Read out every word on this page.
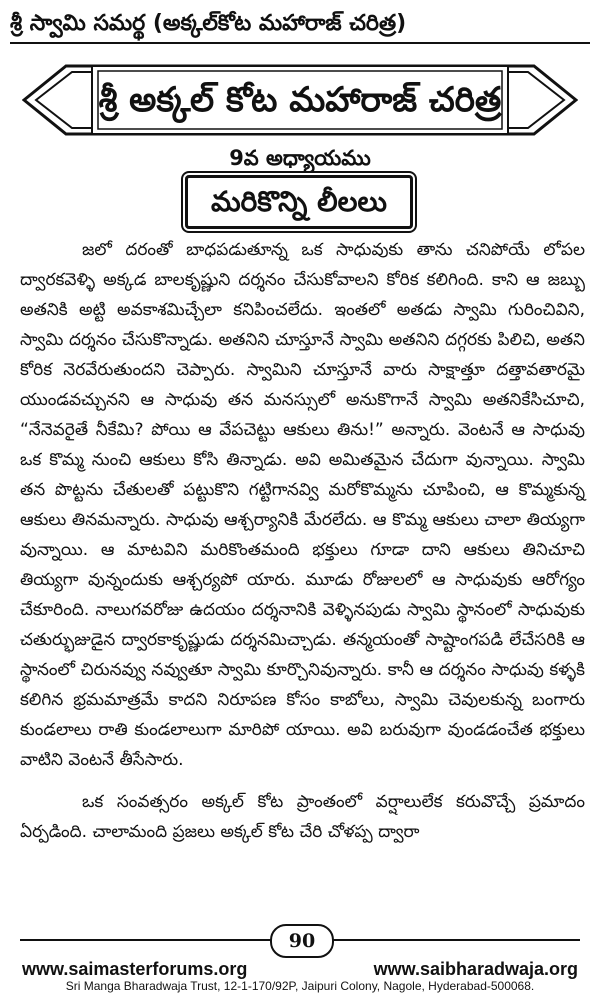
శ్రీ స్వామి సమర్థ (అక్కల్‌కోట మహారాజ్ చరిత్ర)
శ్రీ అక్కల్ కోట మహారాజ్ చరిత్ర
9వ అధ్యాయము
మరికొన్ని లీలలు

జలో దరంతో బాధపడుతూన్న ఒక సాధువుకు తాను చనిపోయే లోపల ద్వారకవెళ్ళి అక్కడ బాలకృష్ణుని దర్శనం చేసుకోవాలని కోరిక కలిగింది. కాని ఆ జబ్బు అతనికి అట్టి అవకాశమిచ్చేలా కనిపించలేదు. ఇంతలో అతడు స్వామి గురించివిని, స్వామి దర్శనం చేసుకొన్నాడు. అతనిని చూస్తూనే స్వామి అతనిని దగ్గరకు పిలిచి, అతని కోరిక నెరవేరుతుందని చెప్పారు. స్వామిని చూస్తూనే వారు సాక్షాత్తూ దత్తావతారమై యుండవచ్చునని ఆ సాధువు తన మనస్సులో అనుకొగానే స్వామి అతనికేసిచూచి, “నేనెవరైతే నీకేమి? పోయి ఆ వేపచెట్టు ఆకులు తిను!” అన్నారు. వెంటనే ఆ సాధువు ఒక కొమ్మ నుంచి ఆకులు కోసి తిన్నాడు. అవి అమితమైన చేదుగా వున్నాయి. స్వామి తన పొట్టను చేతులతో పట్టుకొని గట్టిగానవ్వి మరోకొమ్మను చూపించి, ఆ కొమ్మకున్న ఆకులు తినమన్నారు. సాధువు ఆశ్చర్యానికి మేరలేదు. ఆ కొమ్మ ఆకులు చాలా తియ్యగా వున్నాయి. ఆ మాటవిని మరికొంతమంది భక్తులు గూడా దాని ఆకులు తినిచూచి తియ్యగా వున్నందుకు ఆశ్చర్యపో యారు. మూడు రోజులలో ఆ సాధువుకు ఆరోగ్యం చేకూరింది. నాలుగవరోజు ఉదయం దర్శనానికి వెళ్ళినపుడు స్వామి స్థానంలో సాధువుకు చతుర్భుజుడైన ద్వారకాకృష్ణుడు దర్శనమిచ్చాడు. తన్మయంతో సాష్టాంగపడి లేచేసరికి ఆ స్థానంలో చిరునవ్వు నవ్వుతూ స్వామి కూర్చొనివున్నారు. కానీ ఆ దర్శనం సాధువు కళ్ళకి కలిగిన భ్రమమాత్రమే కాదని నిరూపణ కోసం కాబోలు, స్వామి చెవులకున్న బంగారు కుండలాలు రాతి కుండలాలుగా మారిపో యాయి. అవి బరువుగా వుండడంచేత భక్తులు వాటిని వెంటనే తీసేసారు.

ఒక సంవత్సరం అక్కల్ కోట ప్రాంతంలో వర్షాలులేక కరువొచ్చే ప్రమాదం ఏర్పడింది. చాలామంది ప్రజలు అక్కల్ కోట చేరి చోళప్ప ద్వారా

90
www.saimasterforums.org	www.saibharadwaja.org
Sri Manga Bharadwaja Trust, 12-1-170/92P, Jaipuri Colony, Nagole, Hyderabad-500068.
